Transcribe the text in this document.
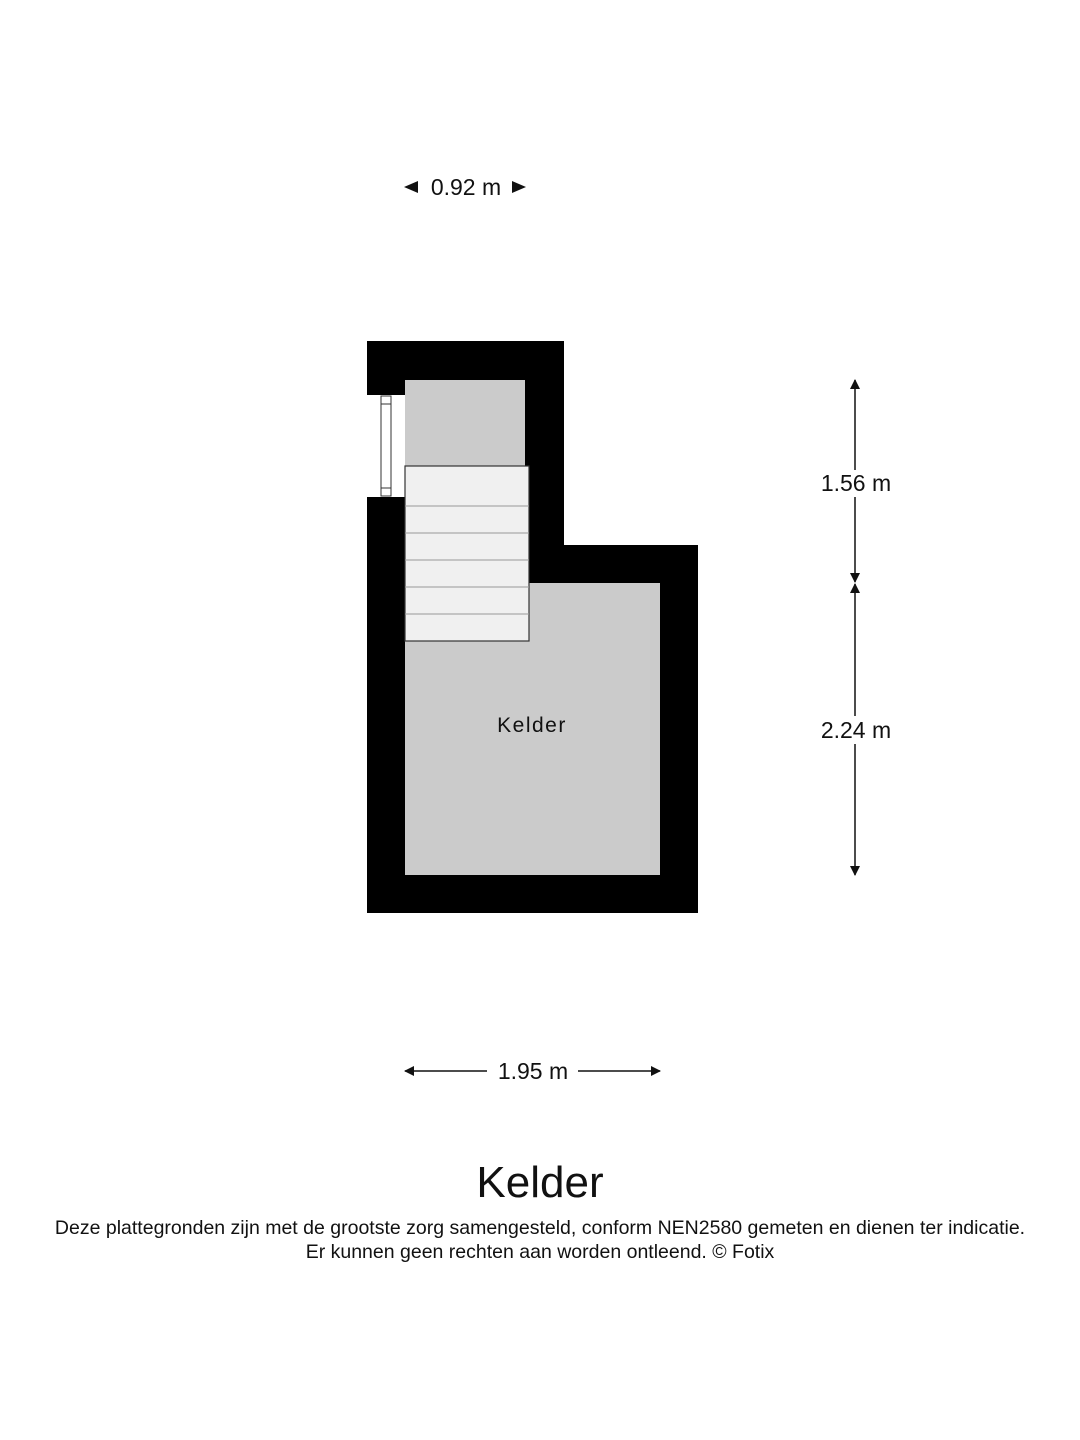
Kelder
0.92 m
1.56 m
2.24 m
1.95 m
Kelder
Deze plattegronden zijn met de grootste zorg samengesteld, conform NEN2580 gemeten en dienen ter indicatie.
Er kunnen geen rechten aan worden ontleend. © Fotix
